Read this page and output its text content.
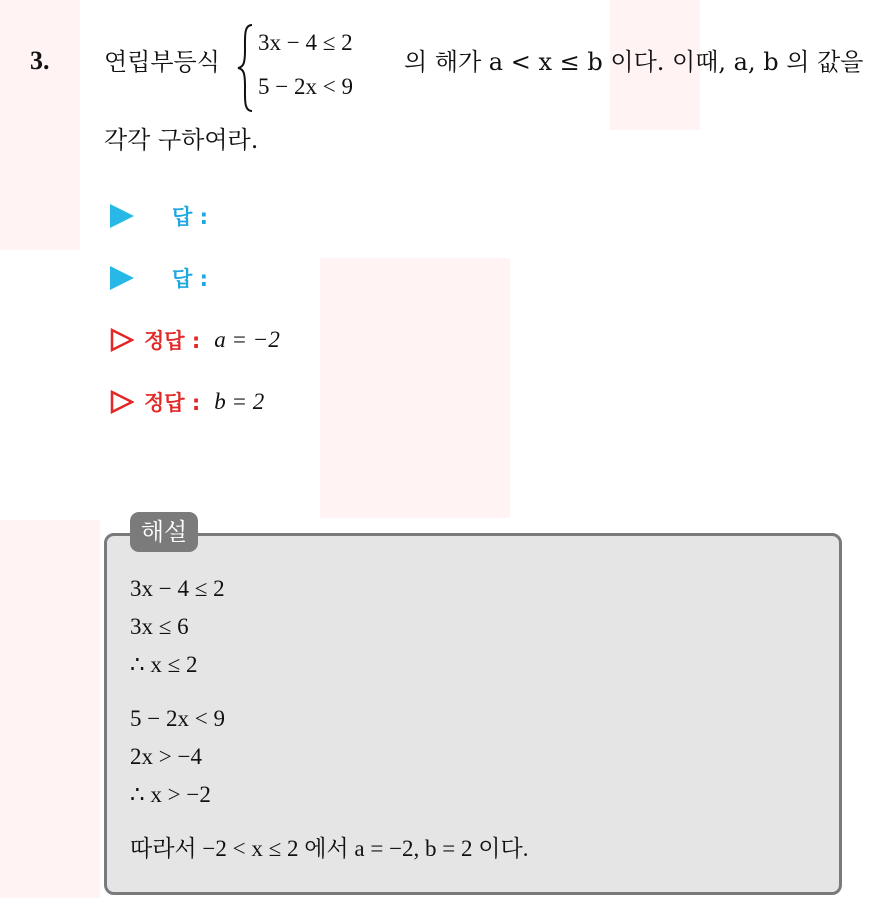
3. 연립부등식
3x − 4 ≤ 2
5 − 2x < 9
의 해가 a < x ≤ b 이다. 이때, a, b 의 값을
각각 구하여라.
답 :
답 :
정답 : a = −2
정답 : b = 2
해설
3x − 4 ≤ 2
3x ≤ 6
∴ x ≤ 2
5 − 2x < 9
2x > −4
∴ x > −2
따라서 −2 < x ≤ 2 에서 a = −2, b = 2 이다.
